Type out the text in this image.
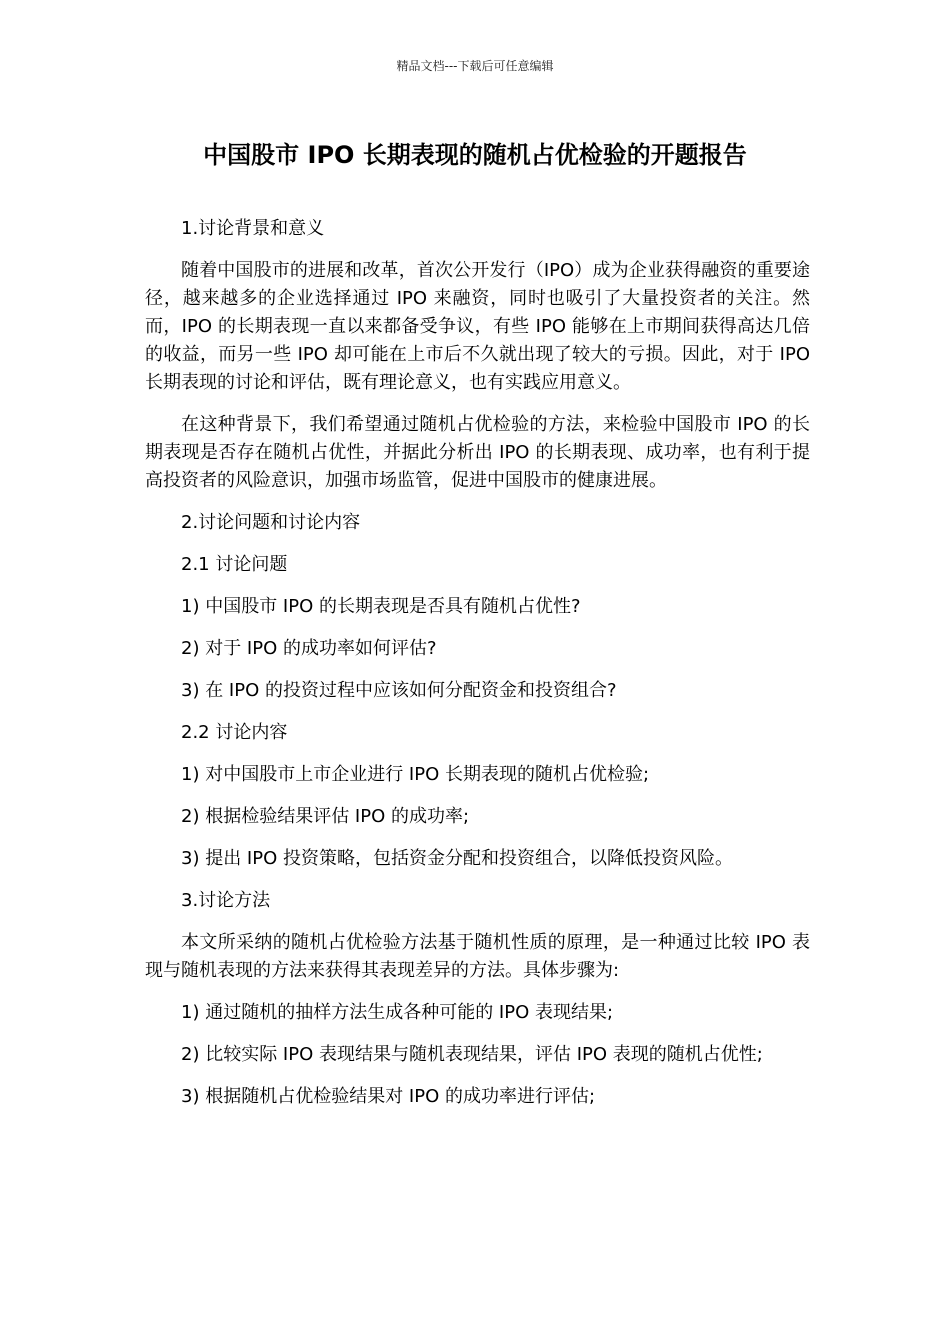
精品文档---下载后可任意编辑
中国股市 IPO 长期表现的随机占优检验的开题报告

1.讨论背景和意义

随着中国股市的进展和改革，首次公开发行（IPO）成为企业获得融资的重要途径，越来越多的企业选择通过 IPO 来融资，同时也吸引了大量投资者的关注。然而，IPO 的长期表现一直以来都备受争议，有些 IPO 能够在上市期间获得高达几倍的收益，而另一些 IPO 却可能在上市后不久就出现了较大的亏损。因此，对于 IPO 长期表现的讨论和评估，既有理论意义，也有实践应用意义。

在这种背景下，我们希望通过随机占优检验的方法，来检验中国股市 IPO 的长期表现是否存在随机占优性，并据此分析出 IPO 的长期表现、成功率，也有利于提高投资者的风险意识，加强市场监管，促进中国股市的健康进展。

2.讨论问题和讨论内容

2.1 讨论问题

1) 中国股市 IPO 的长期表现是否具有随机占优性?

2) 对于 IPO 的成功率如何评估?

3) 在 IPO 的投资过程中应该如何分配资金和投资组合?

2.2 讨论内容

1) 对中国股市上市企业进行 IPO 长期表现的随机占优检验;

2) 根据检验结果评估 IPO 的成功率;

3) 提出 IPO 投资策略，包括资金分配和投资组合，以降低投资风险。

3.讨论方法

本文所采纳的随机占优检验方法基于随机性质的原理，是一种通过比较 IPO 表现与随机表现的方法来获得其表现差异的方法。具体步骤为:

1) 通过随机的抽样方法生成各种可能的 IPO 表现结果;

2) 比较实际 IPO 表现结果与随机表现结果，评估 IPO 表现的随机占优性;

3) 根据随机占优检验结果对 IPO 的成功率进行评估;
